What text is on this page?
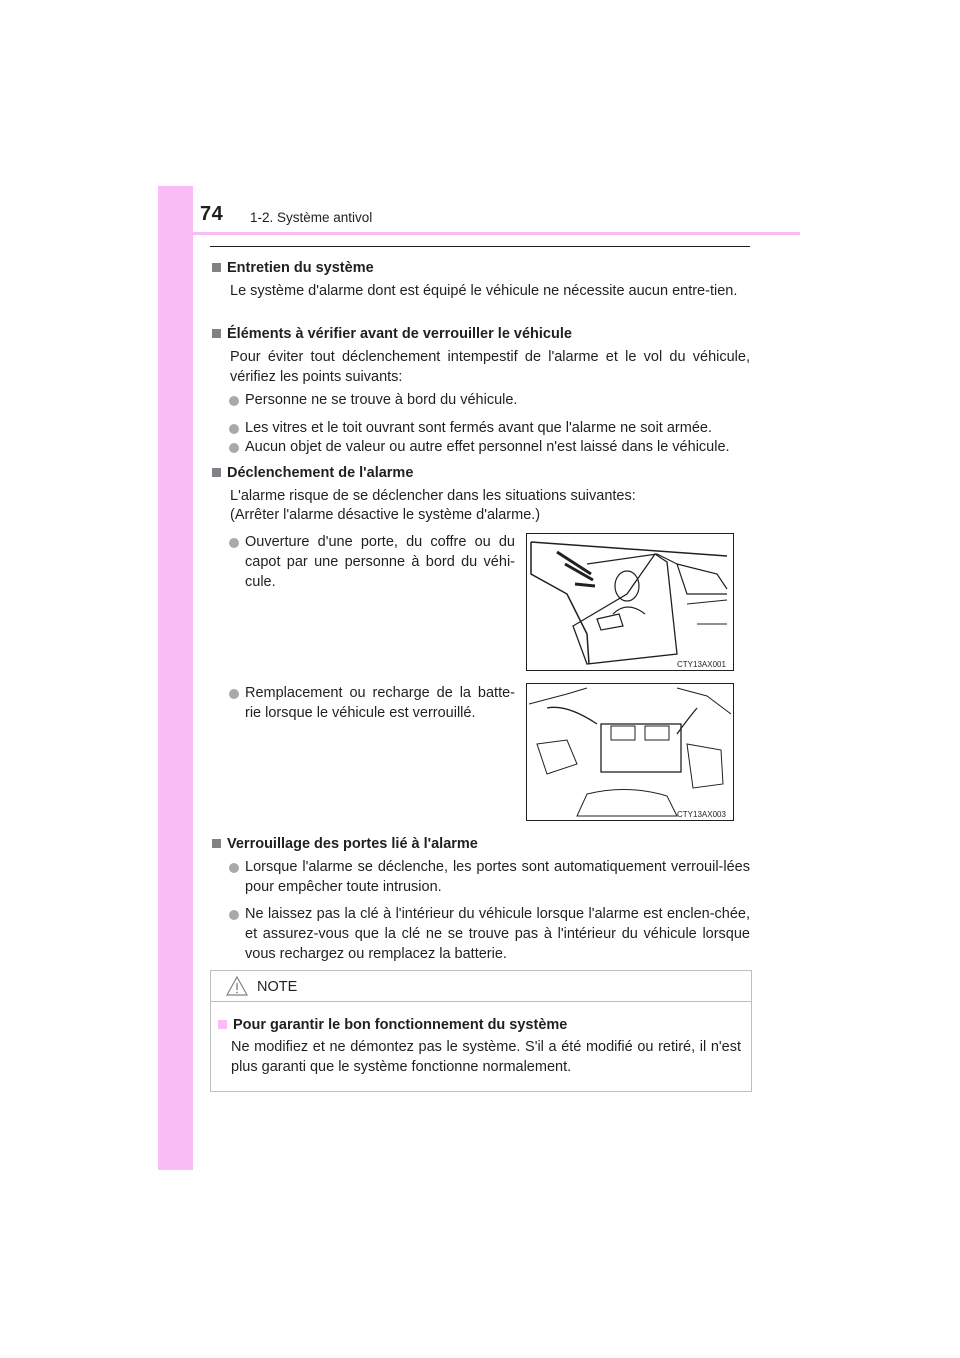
74 1-2. Système antivol
Entretien du système
Le système d'alarme dont est équipé le véhicule ne nécessite aucun entre-tien.
Éléments à vérifier avant de verrouiller le véhicule
Pour éviter tout déclenchement intempestif de l'alarme et le vol du véhicule, vérifiez les points suivants:
Personne ne se trouve à bord du véhicule.
Les vitres et le toit ouvrant sont fermés avant que l'alarme ne soit armée.
Aucun objet de valeur ou autre effet personnel n'est laissé dans le véhicule.
Déclenchement de l'alarme
L'alarme risque de se déclencher dans les situations suivantes:
(Arrêter l'alarme désactive le système d'alarme.)
Ouverture d'une porte, du coffre ou du capot par une personne à bord du véhi-cule.
CTY13AX001
Remplacement ou recharge de la batte-rie lorsque le véhicule est verrouillé.
CTY13AX003
Verrouillage des portes lié à l'alarme
Lorsque l'alarme se déclenche, les portes sont automatiquement verrouil-lées pour empêcher toute intrusion.
Ne laissez pas la clé à l'intérieur du véhicule lorsque l'alarme est enclen-chée, et assurez-vous que la clé ne se trouve pas à l'intérieur du véhicule lorsque vous rechargez ou remplacez la batterie.
NOTE
Pour garantir le bon fonctionnement du système
Ne modifiez et ne démontez pas le système. S'il a été modifié ou retiré, il n'est plus garanti que le système fonctionne normalement.
